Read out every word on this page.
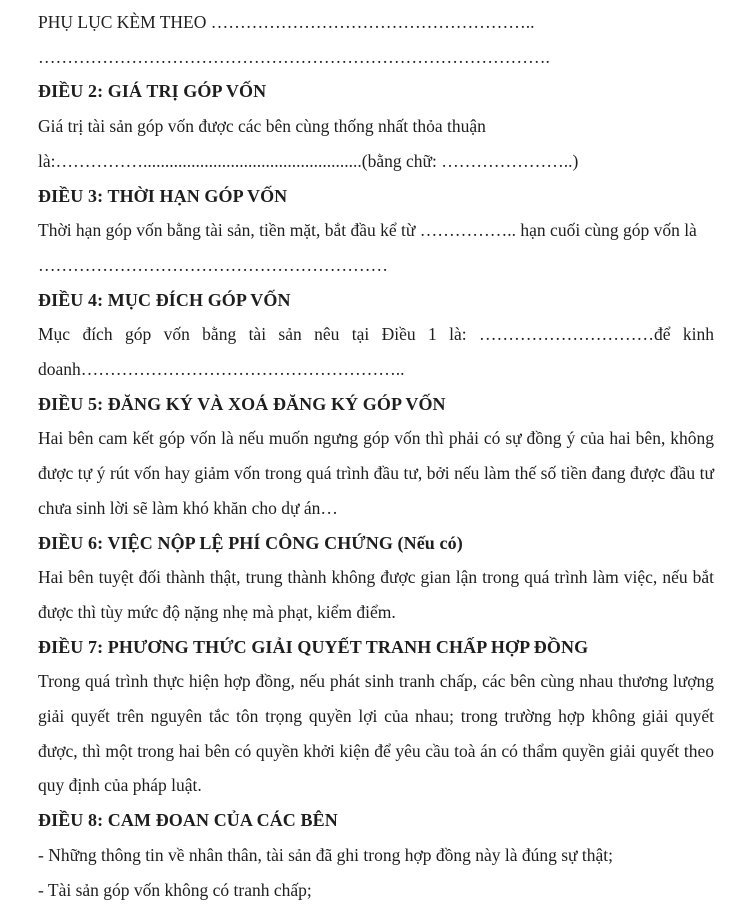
PHỤ LỤC KÈM THEO ………………………………………………..

…………………………………………………………………………….

ĐIỀU 2: GIÁ TRỊ GÓP VỐN

Giá trị tài sản góp vốn được các bên cùng thống nhất thỏa thuận

là:……………..................................................(bằng chữ: …………………..)

ĐIỀU 3: THỜI HẠN GÓP VỐN

Thời hạn góp vốn bằng tài sản, tiền mặt, bắt đầu kể từ …………….. hạn cuối cùng góp vốn là

……………………………………………………

ĐIỀU 4: MỤC ĐÍCH GÓP VỐN

Mục đích góp vốn bằng tài sản nêu tại Điều 1 là: …………………………để kinh doanh………………………………………………..

ĐIỀU 5: ĐĂNG KÝ VÀ XOÁ ĐĂNG KÝ GÓP VỐN

Hai bên cam kết góp vốn là nếu muốn ngưng góp vốn thì phải có sự đồng ý của hai bên, không được tự ý rút vốn hay giảm vốn trong quá trình đầu tư, bởi nếu làm thế số tiền đang được đầu tư chưa sinh lời sẽ làm khó khăn cho dự án…

ĐIỀU 6: VIỆC NỘP LỆ PHÍ CÔNG CHỨNG (Nếu có)

Hai bên tuyệt đối thành thật, trung thành không được gian lận trong quá trình làm việc, nếu bắt được thì tùy mức độ nặng nhẹ mà phạt, kiểm điểm.

ĐIỀU 7: PHƯƠNG THỨC GIẢI QUYẾT TRANH CHẤP HỢP ĐỒNG

Trong quá trình thực hiện hợp đồng, nếu phát sinh tranh chấp, các bên cùng nhau thương lượng giải quyết trên nguyên tắc tôn trọng quyền lợi của nhau; trong trường hợp không giải quyết được, thì một trong hai bên có quyền khởi kiện để yêu cầu toà án có thẩm quyền giải quyết theo quy định của pháp luật.

ĐIỀU 8: CAM ĐOAN CỦA CÁC BÊN

- Những thông tin về nhân thân, tài sản đã ghi trong hợp đồng này là đúng sự thật;

- Tài sản góp vốn không có tranh chấp;
